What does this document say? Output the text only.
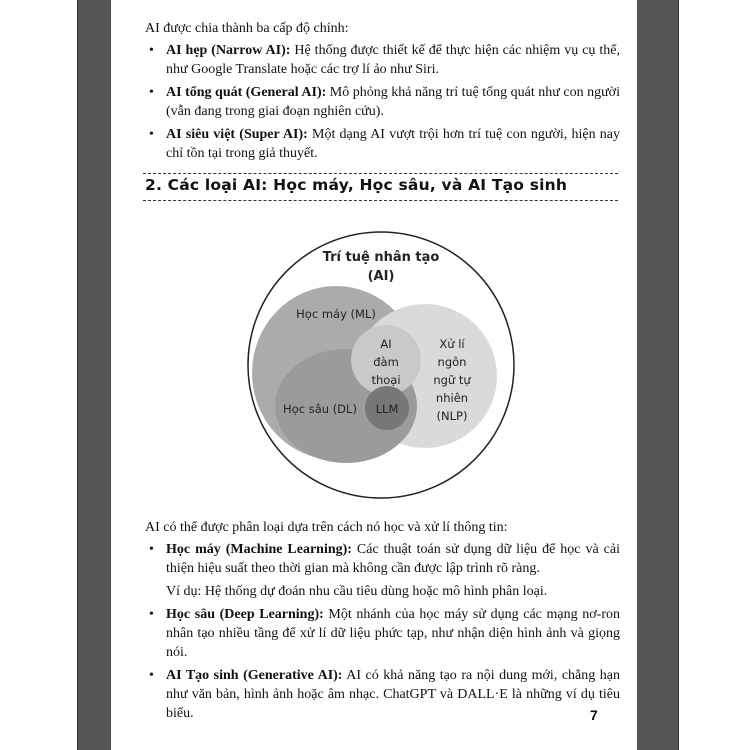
AI được chia thành ba cấp độ chính:

• AI hẹp (Narrow AI): Hệ thống được thiết kế để thực hiện các nhiệm vụ cụ thể, như Google Translate hoặc các trợ lí ảo như Siri.
• AI tổng quát (General AI): Mô phỏng khả năng trí tuệ tổng quát như con người (vẫn đang trong giai đoạn nghiên cứu).
• AI siêu việt (Super AI): Một dạng AI vượt trội hơn trí tuệ con người, hiện nay chỉ tồn tại trong giả thuyết.
2. Các loại AI: Học máy, Học sâu, và AI Tạo sinh
Trí tuệ nhân tạo
(AI)
Học máy (ML)
Học sâu (DL)
AI
đàm
thoại
LLM
Xử lí
ngôn
ngữ tự
nhiên
(NLP)

AI có thể được phân loại dựa trên cách nó học và xử lí thông tin:

• Học máy (Machine Learning): Các thuật toán sử dụng dữ liệu để học và cải thiện hiệu suất theo thời gian mà không cần được lập trình rõ ràng.
Ví dụ: Hệ thống dự đoán nhu cầu tiêu dùng hoặc mô hình phân loại.
• Học sâu (Deep Learning): Một nhánh của học máy sử dụng các mạng nơ-ron nhân tạo nhiều tầng để xử lí dữ liệu phức tạp, như nhận diện hình ảnh và giọng nói.
• AI Tạo sinh (Generative AI): AI có khả năng tạo ra nội dung mới, chẳng hạn như văn bản, hình ảnh hoặc âm nhạc. ChatGPT và DALL·E là những ví dụ tiêu biểu.	7
